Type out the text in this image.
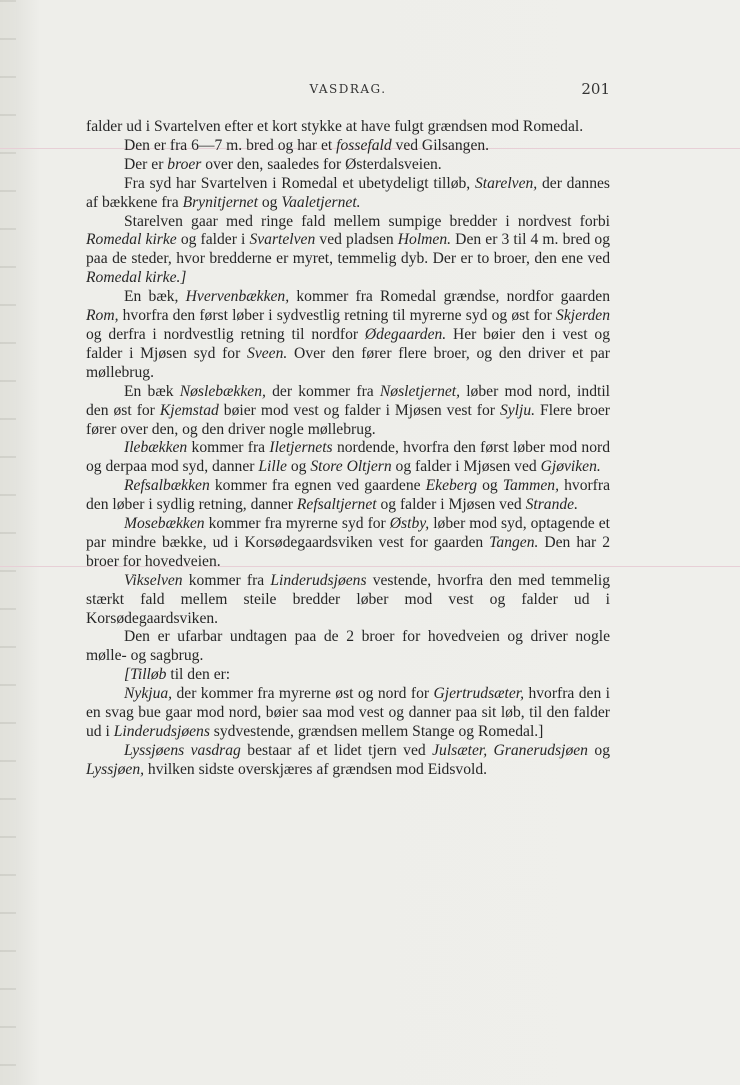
VASDRAG.	201

falder ud i Svartelven efter et kort stykke at have fulgt grændsen mod Romedal.

Den er fra 6—7 m. bred og har et fossefald ved Gilsangen.

Der er broer over den, saaledes for Østerdalsveien.

Fra syd har Svartelven i Romedal et ubetydeligt tilløb, Starelven, der dannes af bækkene fra Brynitjernet og Vaaletjernet.

Starelven gaar med ringe fald mellem sumpige bredder i nordvest forbi Romedal kirke og falder i Svartelven ved pladsen Holmen. Den er 3 til 4 m. bred og paa de steder, hvor bredderne er myret, temmelig dyb. Der er to broer, den ene ved Romedal kirke.]

En bæk, Hvervenbækken, kommer fra Romedal grændse, nordfor gaarden Rom, hvorfra den først løber i sydvestlig retning til myrerne syd og øst for Skjerden og derfra i nordvestlig retning til nordfor Ødegaarden. Her bøier den i vest og falder i Mjøsen syd for Sveen. Over den fører flere broer, og den driver et par møllebrug.

En bæk Nøslebækken, der kommer fra Nøsletjernet, løber mod nord, indtil den øst for Kjemstad bøier mod vest og falder i Mjøsen vest for Sylju. Flere broer fører over den, og den driver nogle møllebrug.

Ilebækken kommer fra Iletjernets nordende, hvorfra den først løber mod nord og derpaa mod syd, danner Lille og Store Oltjern og falder i Mjøsen ved Gjøviken.

Refsalbækken kommer fra egnen ved gaardene Ekeberg og Tammen, hvorfra den løber i sydlig retning, danner Refsaltjernet og falder i Mjøsen ved Strande.

Mosebækken kommer fra myrerne syd for Østby, løber mod syd, optagende et par mindre bække, ud i Korsødegaardsviken vest for gaarden Tangen. Den har 2 broer for hovedveien.

Vikselven kommer fra Linderudsjøens vestende, hvorfra den med temmelig stærkt fald mellem steile bredder løber mod vest og falder ud i Korsødegaardsviken.

Den er ufarbar undtagen paa de 2 broer for hovedveien og driver nogle mølle- og sagbrug.

[Tilløb til den er:

Nykjua, der kommer fra myrerne øst og nord for Gjertrudsæter, hvorfra den i en svag bue gaar mod nord, bøier saa mod vest og danner paa sit løb, til den falder ud i Linderudsjøens sydvestende, grændsen mellem Stange og Romedal.]

Lyssjøens vasdrag bestaar af et lidet tjern ved Julsæter, Granerudsjøen og Lyssjøen, hvilken sidste overskjæres af grændsen mod Eidsvold.
